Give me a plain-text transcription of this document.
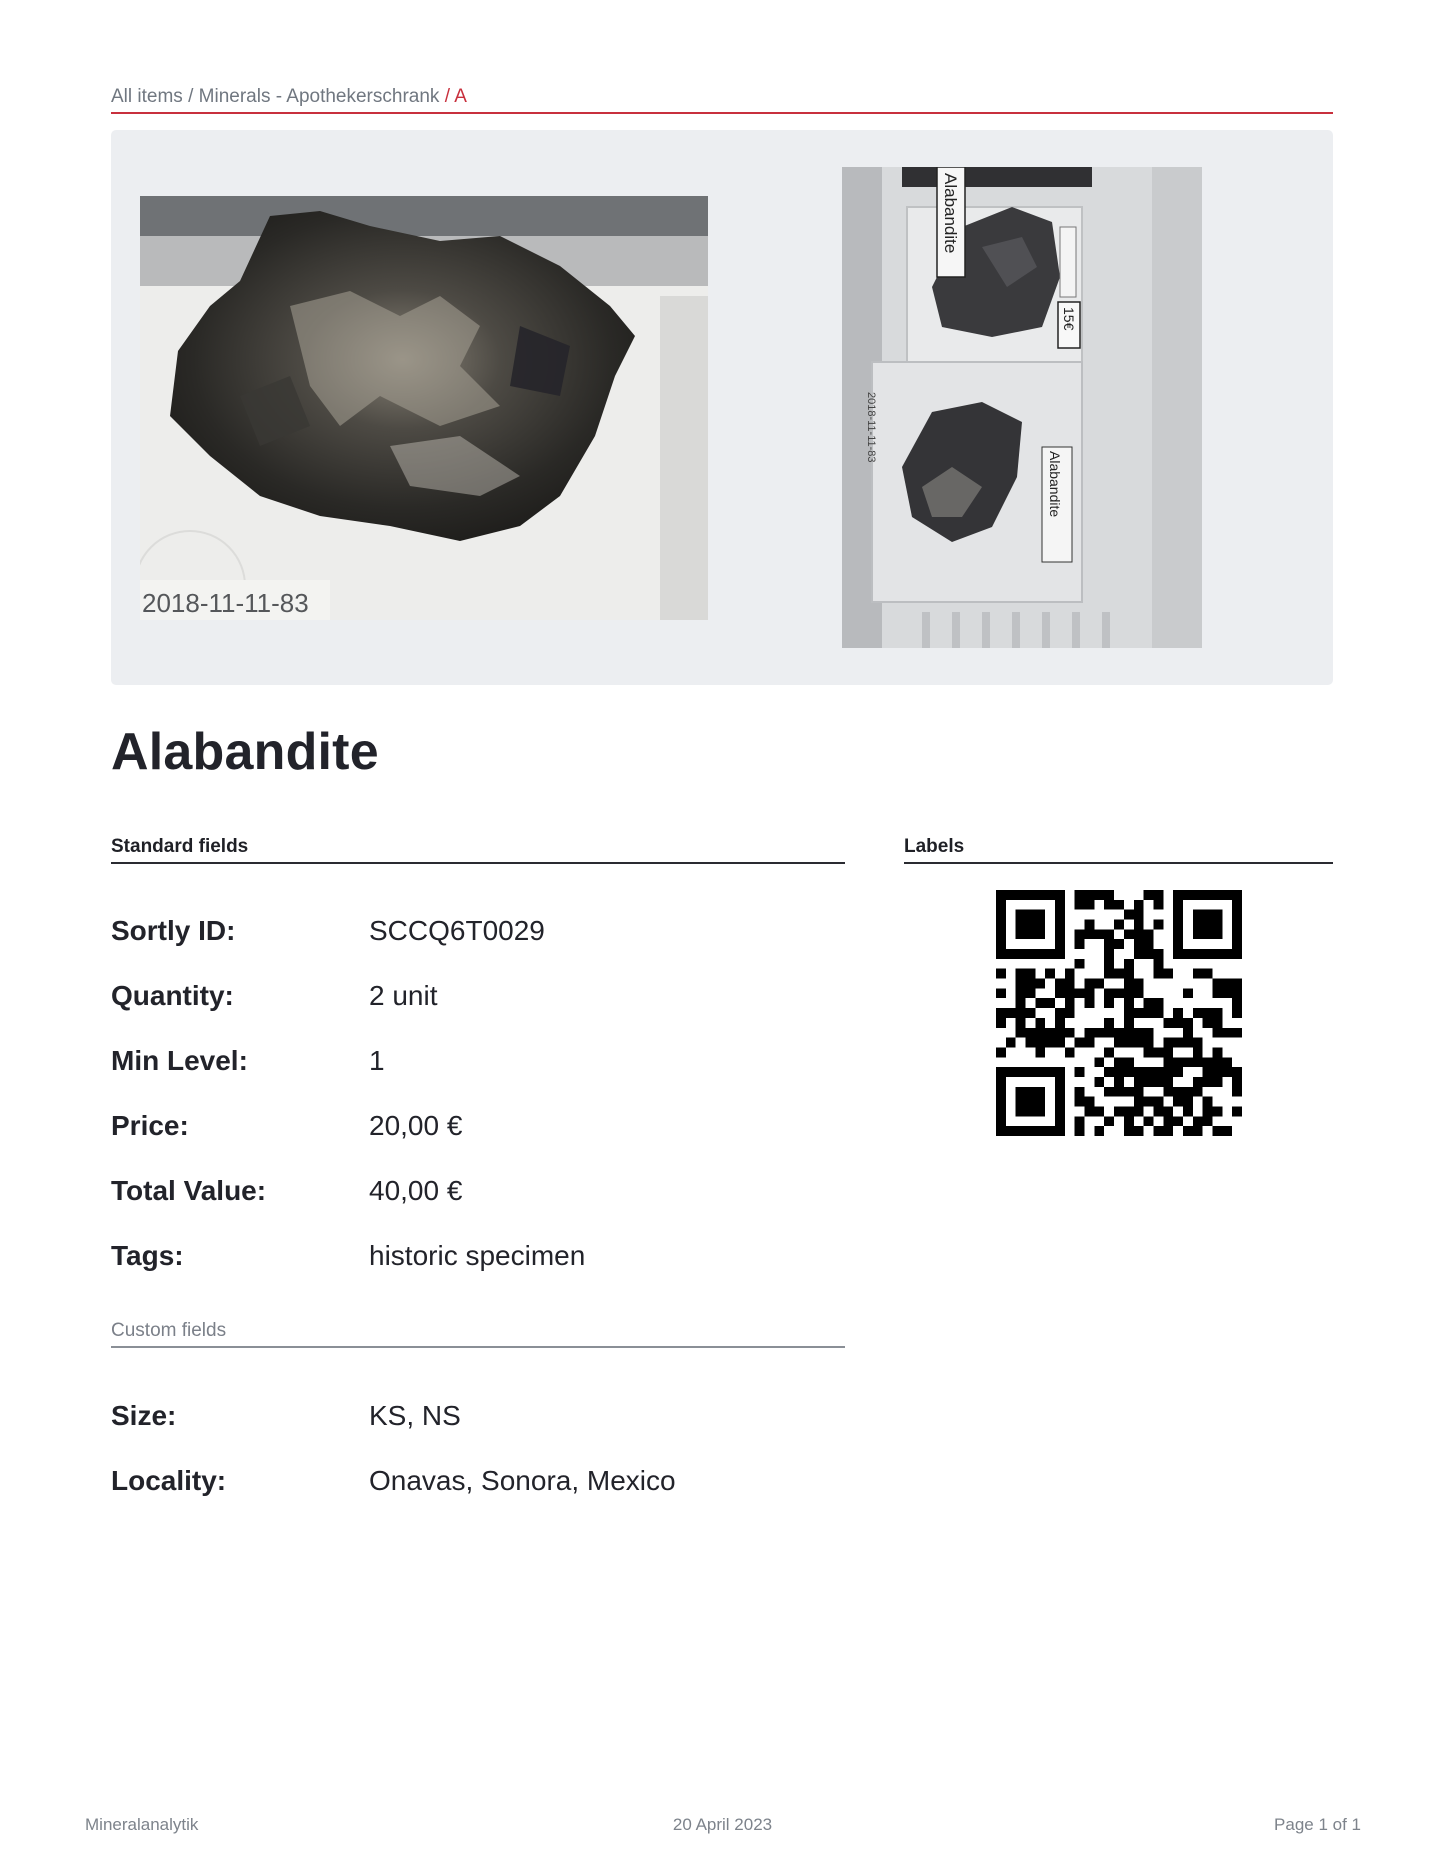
All items / Minerals - Apothekerschrank / A
2018-11-11-83
Alabandite
15€
Alabandite
2018-11-11-83
Alabandite
Standard fields	Labels
Sortly ID:	SCCQ6T0029
Quantity:	2 unit
Min Level:	1
Price:	20,00 €
Total Value:	40,00 €
Tags:	historic specimen
Custom fields
Size:	KS, NS
Locality:	Onavas, Sonora, Mexico
Mineralanalytik	20 April 2023	Page 1 of 1
